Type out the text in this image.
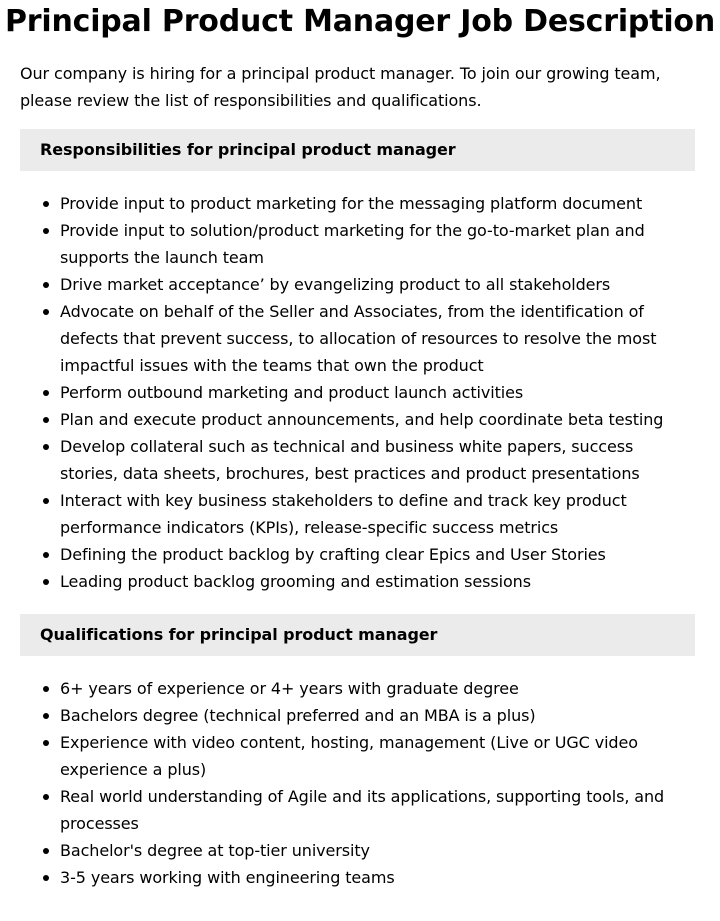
Principal Product Manager Job Description

Our company is hiring for a principal product manager. To join our growing team, please review the list of responsibilities and qualifications.

Responsibilities for principal product manager
Provide input to product marketing for the messaging platform document
Provide input to solution/product marketing for the go-to-market plan and supports the launch team
Drive market acceptance’ by evangelizing product to all stakeholders
Advocate on behalf of the Seller and Associates, from the identification of defects that prevent success, to allocation of resources to resolve the most impactful issues with the teams that own the product
Perform outbound marketing and product launch activities
Plan and execute product announcements, and help coordinate beta testing
Develop collateral such as technical and business white papers, success stories, data sheets, brochures, best practices and product presentations
Interact with key business stakeholders to define and track key product performance indicators (KPIs), release-specific success metrics
Defining the product backlog by crafting clear Epics and User Stories
Leading product backlog grooming and estimation sessions
Qualifications for principal product manager
6+ years of experience or 4+ years with graduate degree
Bachelors degree (technical preferred and an MBA is a plus)
Experience with video content, hosting, management (Live or UGC video experience a plus)
Real world understanding of Agile and its applications, supporting tools, and processes
Bachelor's degree at top-tier university
3-5 years working with engineering teams
